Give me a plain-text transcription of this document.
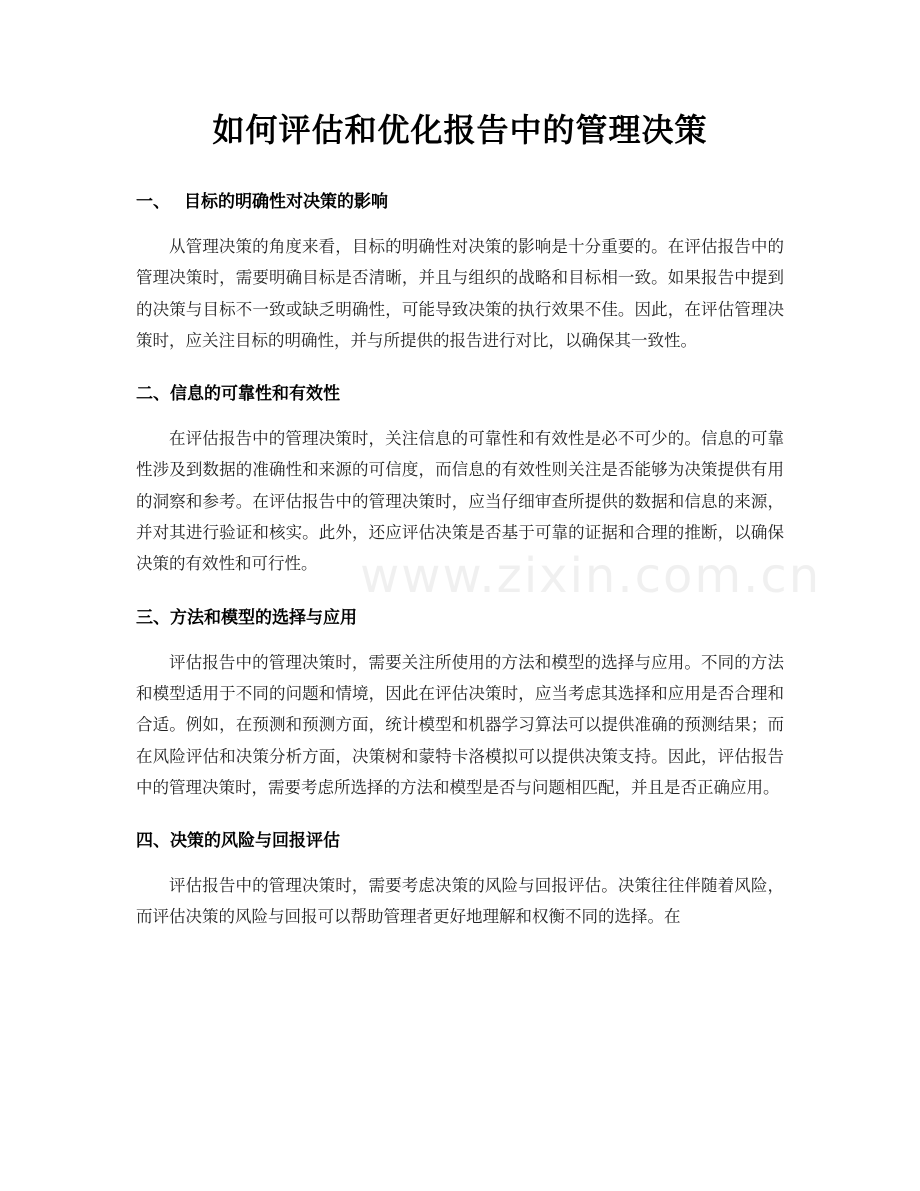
www.zixin.com.cn
如何评估和优化报告中的管理决策
一、 目标的明确性对决策的影响

从管理决策的角度来看，目标的明确性对决策的影响是十分重要的。在评估报告中的管理决策时，需要明确目标是否清晰，并且与组织的战略和目标相一致。如果报告中提到的决策与目标不一致或缺乏明确性，可能导致决策的执行效果不佳。因此，在评估管理决策时，应关注目标的明确性，并与所提供的报告进行对比，以确保其一致性。

二、信息的可靠性和有效性

在评估报告中的管理决策时，关注信息的可靠性和有效性是必不可少的。信息的可靠性涉及到数据的准确性和来源的可信度，而信息的有效性则关注是否能够为决策提供有用的洞察和参考。在评估报告中的管理决策时，应当仔细审查所提供的数据和信息的来源，并对其进行验证和核实。此外，还应评估决策是否基于可靠的证据和合理的推断，以确保决策的有效性和可行性。

三、方法和模型的选择与应用

评估报告中的管理决策时，需要关注所使用的方法和模型的选择与应用。不同的方法和模型适用于不同的问题和情境，因此在评估决策时，应当考虑其选择和应用是否合理和合适。例如，在预测和预测方面，统计模型和机器学习算法可以提供准确的预测结果；而在风险评估和决策分析方面，决策树和蒙特卡洛模拟可以提供决策支持。因此，评估报告中的管理决策时，需要考虑所选择的方法和模型是否与问题相匹配，并且是否正确应用。

四、决策的风险与回报评估

评估报告中的管理决策时，需要考虑决策的风险与回报评估。决策往往伴随着风险，而评估决策的风险与回报可以帮助管理者更好地理解和权衡不同的选择。在
